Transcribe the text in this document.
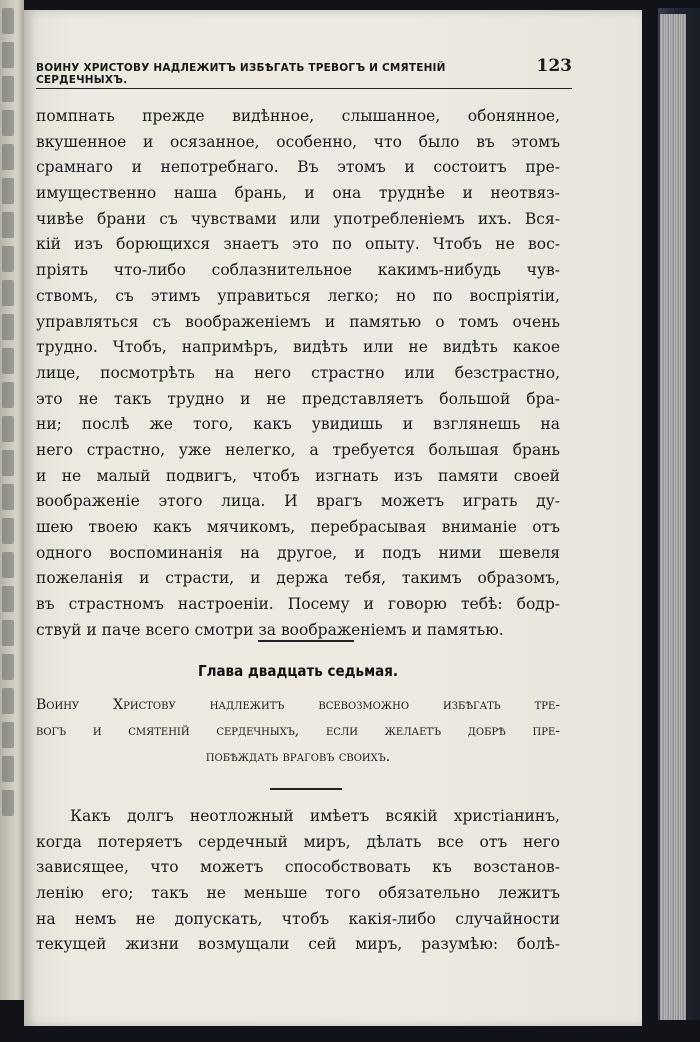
ВОИНУ ХРИСТОВУ НАДЛЕЖИТЪ ИЗБѢГАТЬ ТРЕВОГЪ И СМЯТЕНІЙ СЕРДЕЧНЫХЪ.
123
помпнать прежде видѣнное, слышанное, обонянное,
вкушенное и осязанное, особенно, что было въ этомъ
срамнаго и непотребнаго. Въ этомъ и состоитъ пре-
имущественно наша брань, и она труднѣе и неотвяз-
чивѣе брани съ чувствами или употребленіемъ ихъ. Вся-
кій изъ борющихся знаетъ это по опыту. Чтобъ не вос-
пріять что-либо соблазнительное какимъ-нибудь чув-
ствомъ, съ этимъ управиться легко; но по воспріятіи,
управляться съ воображеніемъ и памятью о томъ очень
трудно. Чтобъ, напримѣръ, видѣть или не видѣть какое
лице, посмотрѣть на него страстно или безстрастно,
это не такъ трудно и не представляетъ большой бра-
ни; послѣ же того, какъ увидишь и взглянешь на
него страстно, уже нелегко, а требуется большая брань
и не малый подвигъ, чтобъ изгнать изъ памяти своей
воображеніе этого лица. И врагъ можетъ играть ду-
шею твоею какъ мячикомъ, перебрасывая вниманіе отъ
одного воспоминанія на другое, и подъ ними шевеля
пожеланія и страсти, и держа тебя, такимъ образомъ,
въ страстномъ настроеніи. Посему и говорю тебѣ: бодр-
ствуй и паче всего смотри за воображеніемъ и памятью.
Глава двадцать седьмая.
Воину Христову надлежитъ всевозможно избѣгать тре-
вогъ и смятеній сердечныхъ, если желаетъ добрѣ пре-
побѣждать враговъ своихъ.
Какъ долгъ неотложный имѣетъ всякій христіанинъ,
когда потеряетъ сердечный миръ, дѣлать все отъ него
зависящее, что можетъ способствовать къ возстанов-
ленію его; такъ не меньше того обязательно лежитъ
на немъ не допускать, чтобъ какія-либо случайности
текущей жизни возмущали сей миръ, разумѣю: болѣ-
